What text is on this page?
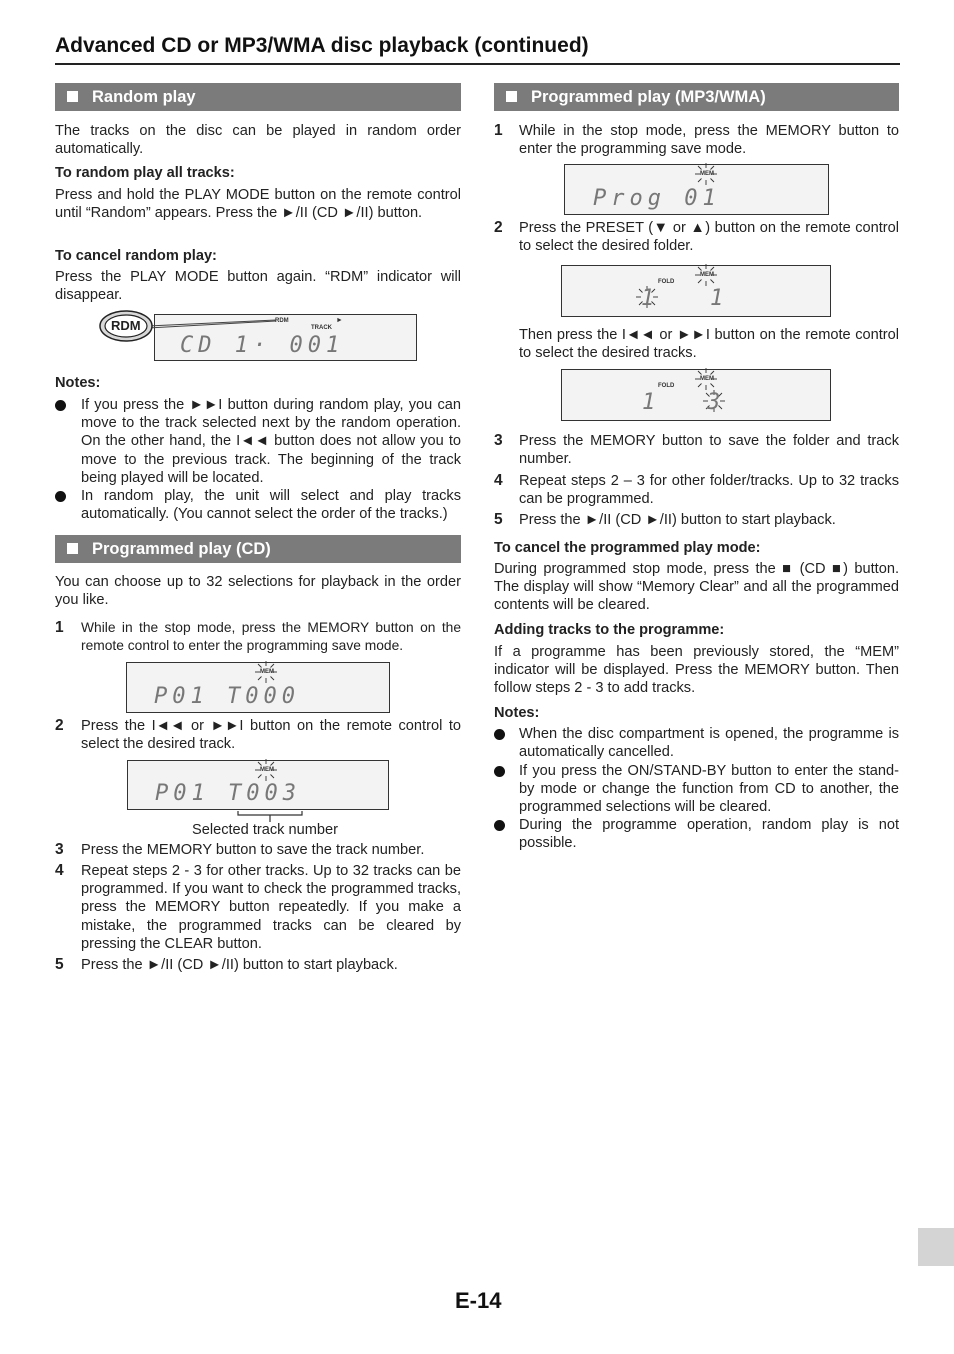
Advanced CD or MP3/WMA disc playback (continued)
Random play
The tracks on the disc can be played in random order automatically.
To random play all tracks:
Press and hold the PLAY MODE button on the remote control until “Random” appears. Press the ►/II (CD ►/II) button.
To cancel random play:
Press the PLAY MODE button again. “RDM” indicator will disappear.
RDM
TRACK
►
CD 1· 001
RDM
Notes:
If you press the ►►I button during random play, you can move to the track selected next by the random operation. On the other hand, the I◄◄ button does not allow you to move to the previous track. The beginning of the track being played will be located.
In random play, the unit will select and play tracks automatically. (You cannot select the order of the tracks.)
Programmed play (CD)
You can choose up to 32 selections for playback in the order you like.
1 While in the stop mode, press the MEMORY button on the remote control to enter the programming save mode.
MEM
P01 T000
2 Press the I◄◄ or ►►I button on the remote control to select the desired track.
MEM
P01 T003
Selected track number
3 Press the MEMORY button to save the track number.
4 Repeat steps 2 - 3 for other tracks. Up to 32 tracks can be programmed. If you want to check the programmed tracks, press the MEMORY button repeatedly. If you make a mistake, the programmed tracks can be cleared by pressing the CLEAR button.
5 Press the ►/II (CD ►/II) button to start playback.
Programmed play (MP3/WMA)
1 While in the stop mode, press the MEMORY button to enter the programming save mode.
MEM
Prog 01
2 Press the PRESET (▼ or ▲) button on the remote control to select the desired folder.
MEM
FOLD
1 1
Then press the I◄◄ or ►►I button on the remote control to select the desired tracks.
MEM
FOLD
1 3
3 Press the MEMORY button to save the folder and track number.
4 Repeat steps 2 – 3 for other folder/tracks. Up to 32 tracks can be programmed.
5 Press the ►/II (CD ►/II) button to start playback.
To cancel the programmed play mode:
During programmed stop mode, press the ■ (CD ■) button. The display will show “Memory Clear” and all the programmed contents will be cleared.
Adding tracks to the programme:
If a programme has been previously stored, the “MEM” indicator will be displayed. Press the MEMORY button. Then follow steps 2 - 3 to add tracks.
Notes:
When the disc compartment is opened, the programme is automatically cancelled.
If you press the ON/STAND-BY button to enter the stand-by mode or change the function from CD to another, the programmed selections will be cleared.
During the programme operation, random play is not possible.
E-14
